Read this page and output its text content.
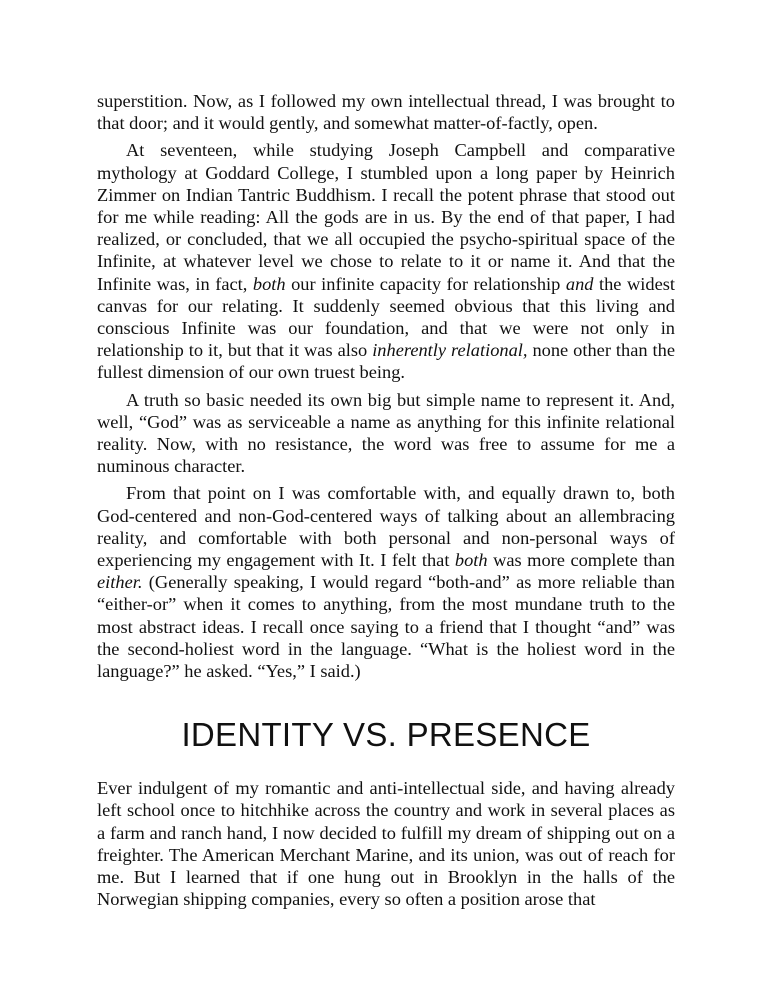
superstition. Now, as I followed my own intellectual thread, I was brought to that door; and it would gently, and somewhat matter-of-factly, open.

At seventeen, while studying Joseph Campbell and comparative mythology at Goddard College, I stumbled upon a long paper by Heinrich Zimmer on Indian Tantric Buddhism. I recall the potent phrase that stood out for me while reading: All the gods are in us. By the end of that paper, I had realized, or concluded, that we all occupied the psycho-spiritual space of the Infinite, at whatever level we chose to relate to it or name it. And that the Infinite was, in fact, both our infinite capacity for relationship and the widest canvas for our relating. It suddenly seemed obvious that this living and conscious Infinite was our foundation, and that we were not only in relationship to it, but that it was also inherently relational, none other than the fullest dimension of our own truest being.

A truth so basic needed its own big but simple name to represent it. And, well, “God” was as serviceable a name as anything for this infinite relational reality. Now, with no resistance, the word was free to assume for me a numinous character.

From that point on I was comfortable with, and equally drawn to, both God-centered and non-God-centered ways of talking about an allembracing reality, and comfortable with both personal and non-personal ways of experiencing my engagement with It. I felt that both was more complete than either. (Generally speaking, I would regard “both-and” as more reliable than “either-or” when it comes to anything, from the most mundane truth to the most abstract ideas. I recall once saying to a friend that I thought “and” was the second-holiest word in the language. “What is the holiest word in the language?” he asked. “Yes,” I said.)

IDENTITY VS. PRESENCE

Ever indulgent of my romantic and anti-intellectual side, and having already left school once to hitchhike across the country and work in several places as a farm and ranch hand, I now decided to fulfill my dream of shipping out on a freighter. The American Merchant Marine, and its union, was out of reach for me. But I learned that if one hung out in Brooklyn in the halls of the Norwegian shipping companies, every so often a position arose that
